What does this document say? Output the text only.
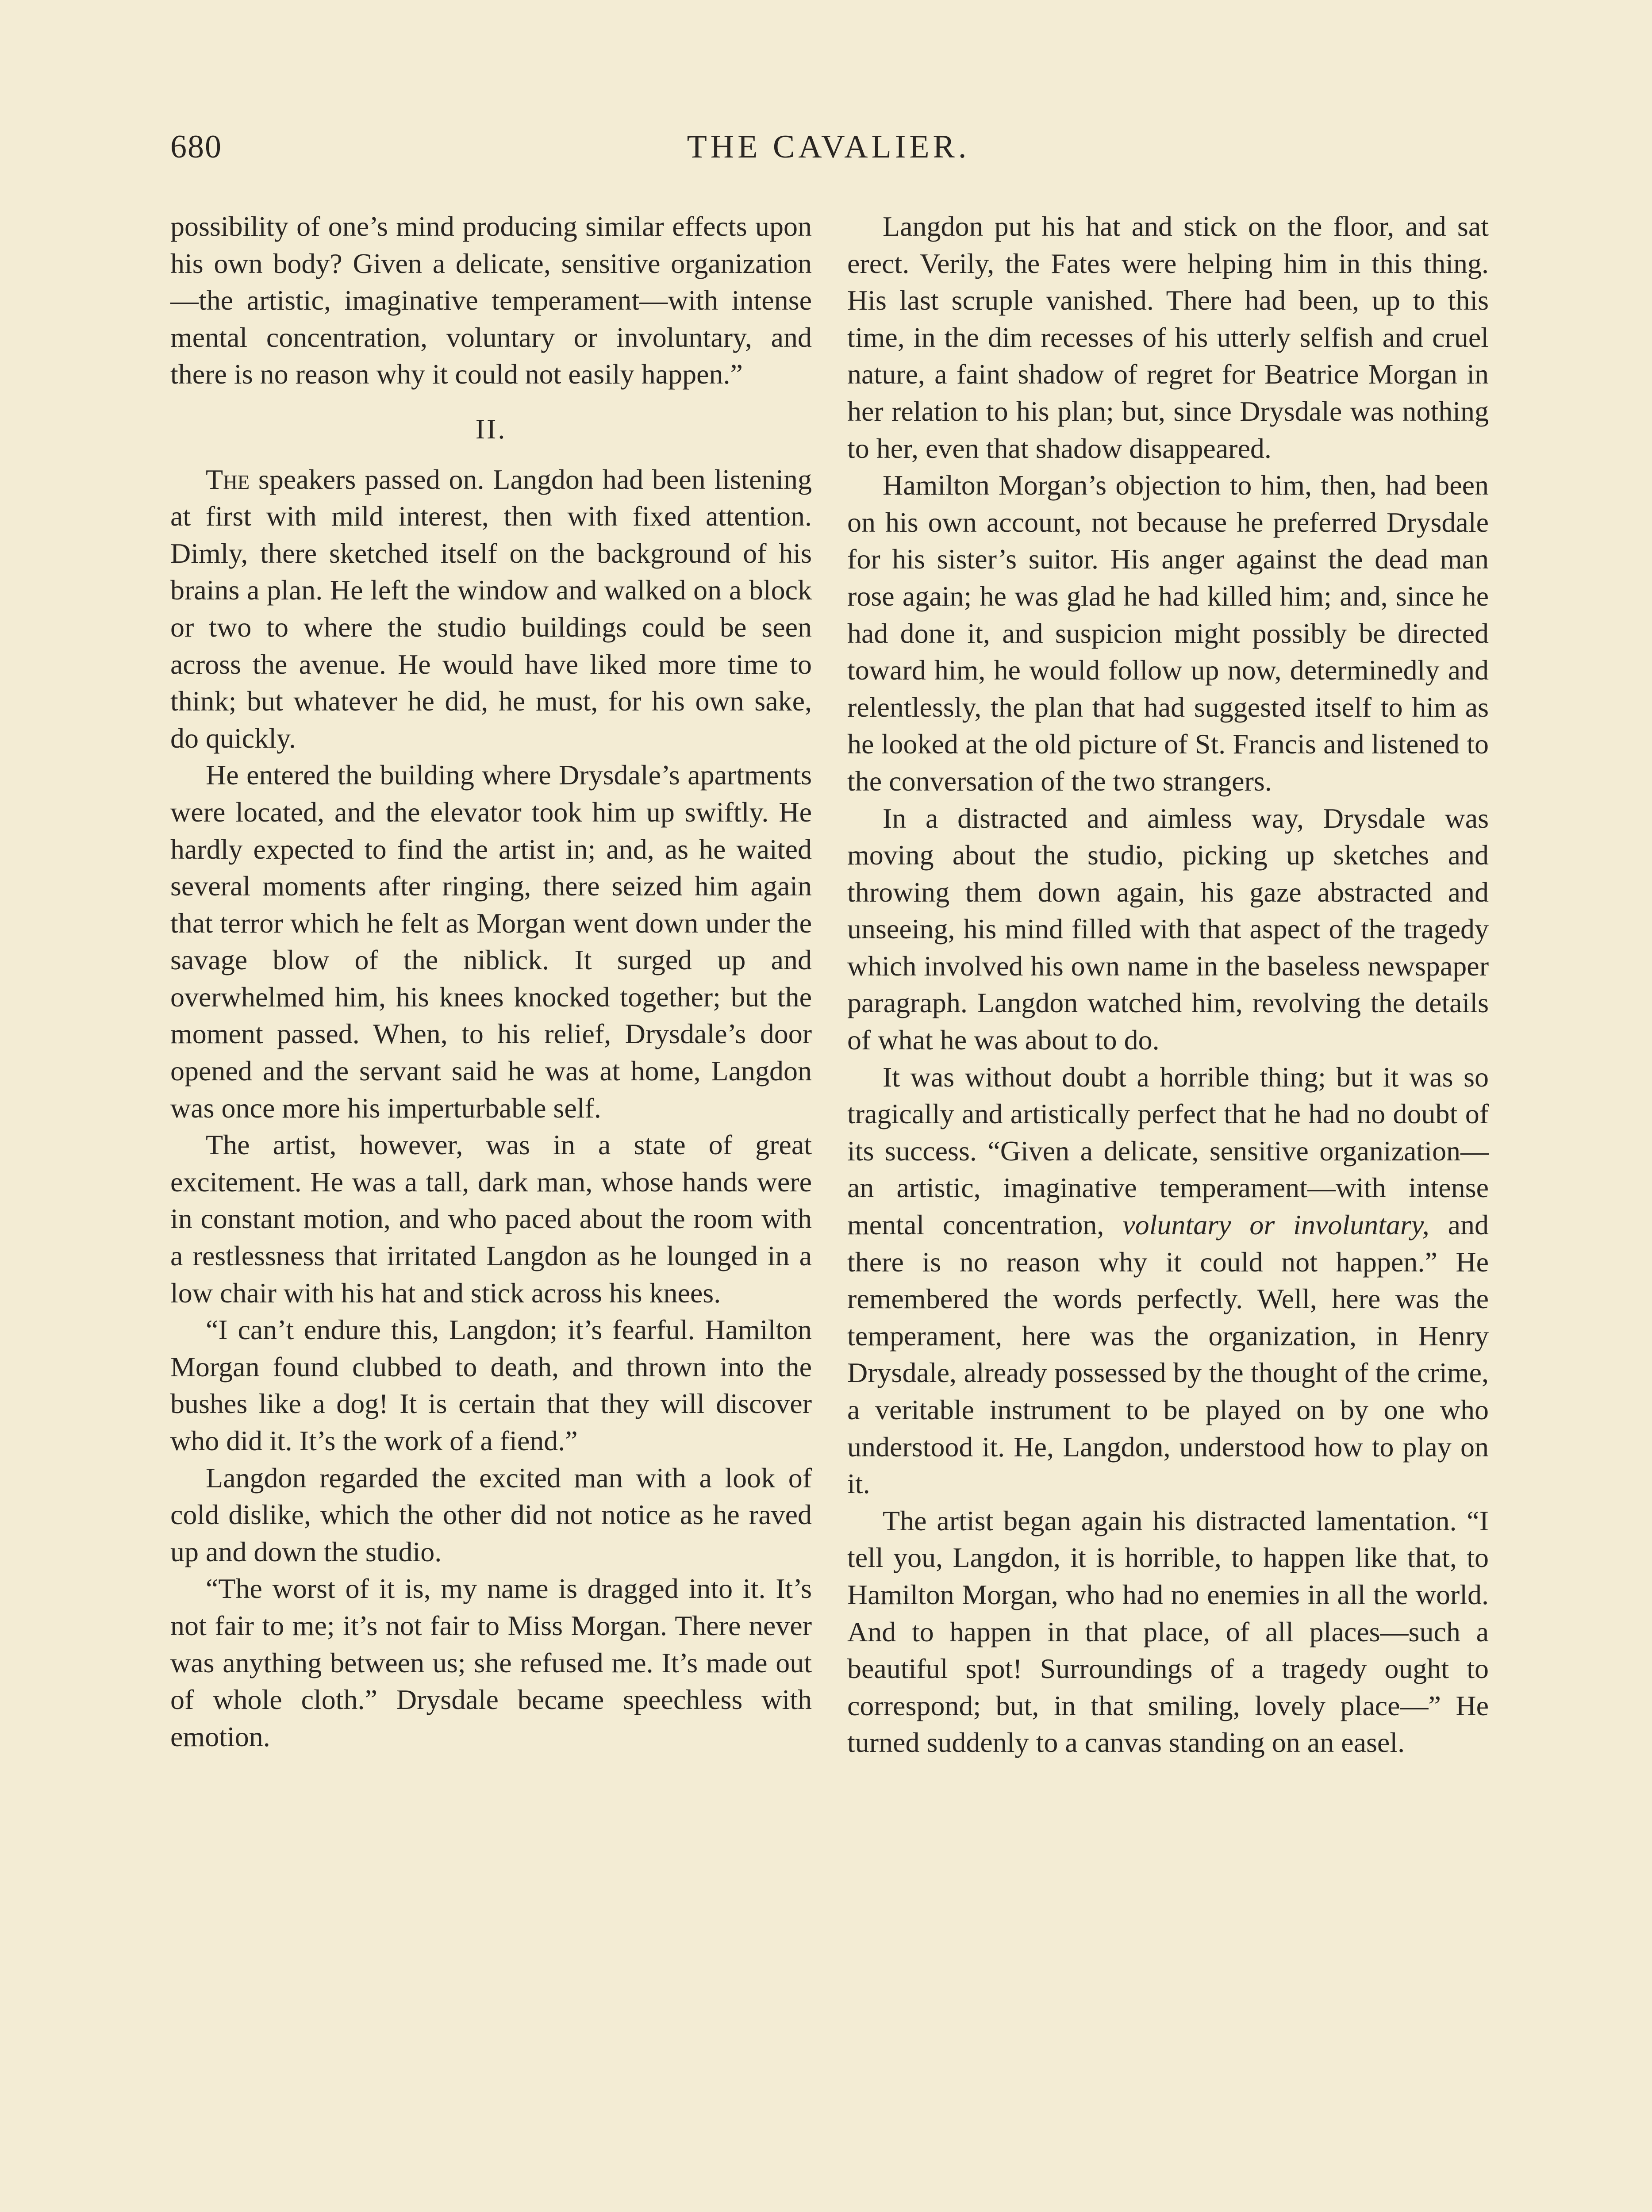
680	THE CAVALIER.

possibility of one’s mind producing similar effects upon his own body? Given a delicate, sensitive organization—the artistic, imaginative temperament—with intense mental concentration, voluntary or involuntary, and there is no reason why it could not easily happen.”

II.

The speakers passed on. Langdon had been listening at first with mild interest, then with fixed attention. Dimly, there sketched itself on the background of his brains a plan. He left the window and walked on a block or two to where the studio buildings could be seen across the avenue. He would have liked more time to think; but whatever he did, he must, for his own sake, do quickly.

He entered the building where Drysdale’s apartments were located, and the elevator took him up swiftly. He hardly expected to find the artist in; and, as he waited several moments after ringing, there seized him again that terror which he felt as Morgan went down under the savage blow of the niblick. It surged up and overwhelmed him, his knees knocked together; but the moment passed. When, to his relief, Drysdale’s door opened and the servant said he was at home, Langdon was once more his imperturbable self.

The artist, however, was in a state of great excitement. He was a tall, dark man, whose hands were in constant motion, and who paced about the room with a restlessness that irritated Langdon as he lounged in a low chair with his hat and stick across his knees.

“I can’t endure this, Langdon; it’s fearful. Hamilton Morgan found clubbed to death, and thrown into the bushes like a dog! It is certain that they will discover who did it. It’s the work of a fiend.”

Langdon regarded the excited man with a look of cold dislike, which the other did not notice as he raved up and down the studio.

“The worst of it is, my name is dragged into it. It’s not fair to me; it’s not fair to Miss Morgan. There never was anything between us; she refused me. It’s made out of whole cloth.” Drysdale became speechless with emotion.

Langdon put his hat and stick on the floor, and sat erect. Verily, the Fates were helping him in this thing. His last scruple vanished. There had been, up to this time, in the dim recesses of his utterly selfish and cruel nature, a faint shadow of regret for Beatrice Morgan in her relation to his plan; but, since Drysdale was nothing to her, even that shadow disappeared.

Hamilton Morgan’s objection to him, then, had been on his own account, not because he preferred Drysdale for his sister’s suitor. His anger against the dead man rose again; he was glad he had killed him; and, since he had done it, and suspicion might possibly be directed toward him, he would follow up now, determinedly and relentlessly, the plan that had suggested itself to him as he looked at the old picture of St. Francis and listened to the conversation of the two strangers.

In a distracted and aimless way, Drysdale was moving about the studio, picking up sketches and throwing them down again, his gaze abstracted and unseeing, his mind filled with that aspect of the tragedy which involved his own name in the baseless newspaper paragraph. Langdon watched him, revolving the details of what he was about to do.

It was without doubt a horrible thing; but it was so tragically and artistically perfect that he had no doubt of its success. “Given a delicate, sensitive organization—an artistic, imaginative temperament—with intense mental concentration, voluntary or involuntary, and there is no reason why it could not happen.” He remembered the words perfectly. Well, here was the temperament, here was the organization, in Henry Drysdale, already possessed by the thought of the crime, a veritable instrument to be played on by one who understood it. He, Langdon, understood how to play on it.

The artist began again his distracted lamentation. “I tell you, Langdon, it is horrible, to happen like that, to Hamilton Morgan, who had no enemies in all the world. And to happen in that place, of all places—such a beautiful spot! Surroundings of a tragedy ought to correspond; but, in that smiling, lovely place—” He turned suddenly to a canvas standing on an easel.
